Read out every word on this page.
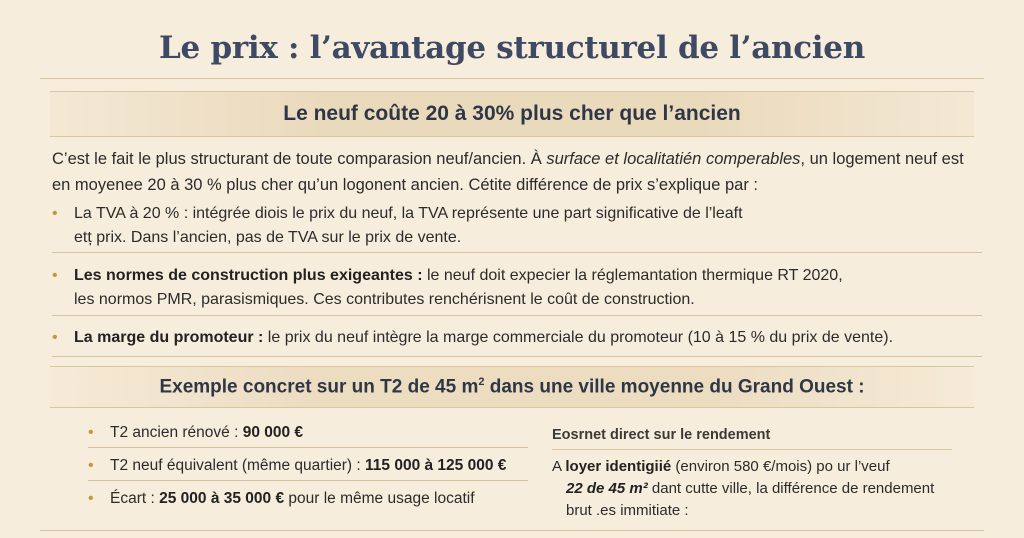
Le prix : l’avantage structurel de l’ancien
Le neuf coûte 20 à 30% plus cher que l’ancien
C’est le fait le plus structurant de toute comparasion neuf/ancien. À surface et localitatién comperables, un logement neuf est en moyenee 20 à 30 % plus cher qu’un logonent ancien. Cétite différence de prix s’explique par :
• La TVA à 20 % : intégrée diois le prix du neuf, la TVA représente une part significative de l’leaft
etț prix. Dans l’ancien, pas de TVA sur le prix de vente.
• Les normes de construction plus exigeantes : le neuf doit expecier la réglemantation thermique RT 2020,
les normos PMR, parasismiques. Ces contributes renchérisnent le coût de construction.
• La marge du promoteur : le prix du neuf intègre la marge commerciale du promoteur (10 à 15 % du prix de vente).
Exemple concret sur un T2 de 45 $m^2$ dans une ville moyenne du Grand Ouest :
• T2 ancien rénové : 90 000 €
• T2 neuf équivalent (même quartier) : 115 000 à 125 000 €
• Écart : 25 000 à 35 000 € pour le même usage locatif
Eosrnet direct sur le rendement
A loyer identigiié (environ 580 €/mois) po ur l’veuf
22 de 45 m² dant cutte ville, la différence de rendement
brut .es immitiate :
